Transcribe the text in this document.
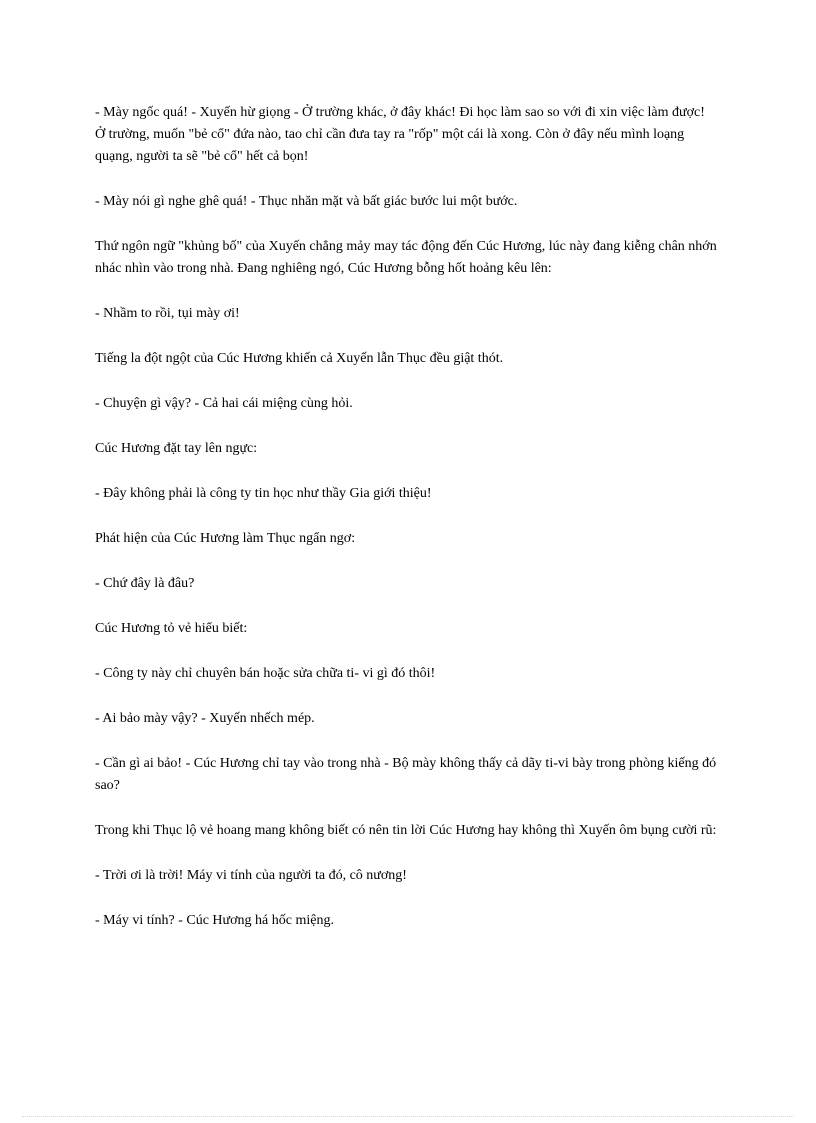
- Mày ngốc quá! - Xuyến hừ giọng - Ở trường khác, ở đây khác! Đi học làm sao so với đi xin việc làm được! Ở trường, muốn "bẻ cổ" đứa nào, tao chỉ cần đưa tay ra "rốp" một cái là xong. Còn ở đây nếu mình loạng quạng, người ta sẽ "bẻ cổ" hết cả bọn!

- Mày nói gì nghe ghê quá! - Thục nhăn mặt và bất giác bước lui một bước.

Thứ ngôn ngữ "khủng bố" của Xuyến chẳng mảy may tác động đến Cúc Hương, lúc này đang kiễng chân nhớn nhác nhìn vào trong nhà. Đang nghiêng ngó, Cúc Hương bỗng hốt hoảng kêu lên:

- Nhầm to rồi, tụi mày ơi!

Tiếng la đột ngột của Cúc Hương khiến cả Xuyến lẫn Thục đều giật thót.

- Chuyện gì vậy? - Cả hai cái miệng cùng hỏi.

Cúc Hương đặt tay lên ngực:

- Đây không phải là công ty tin học như thầy Gia giới thiệu!

Phát hiện của Cúc Hương làm Thục ngẩn ngơ:

- Chứ đây là đâu?

Cúc Hương tỏ vẻ hiểu biết:

- Công ty này chỉ chuyên bán hoặc sửa chữa ti- vi gì đó thôi!

- Ai bảo mày vậy? - Xuyến nhếch mép.

- Cần gì ai bảo! - Cúc Hương chỉ tay vào trong nhà - Bộ mày không thấy cả dãy ti-vi bày trong phòng kiếng đó sao?

Trong khi Thục lộ vẻ hoang mang không biết có nên tin lời Cúc Hương hay không thì Xuyến ôm bụng cười rũ:

- Trời ơi là trời! Máy vi tính của người ta đó, cô nương!

- Máy vi tính? - Cúc Hương há hốc miệng.
